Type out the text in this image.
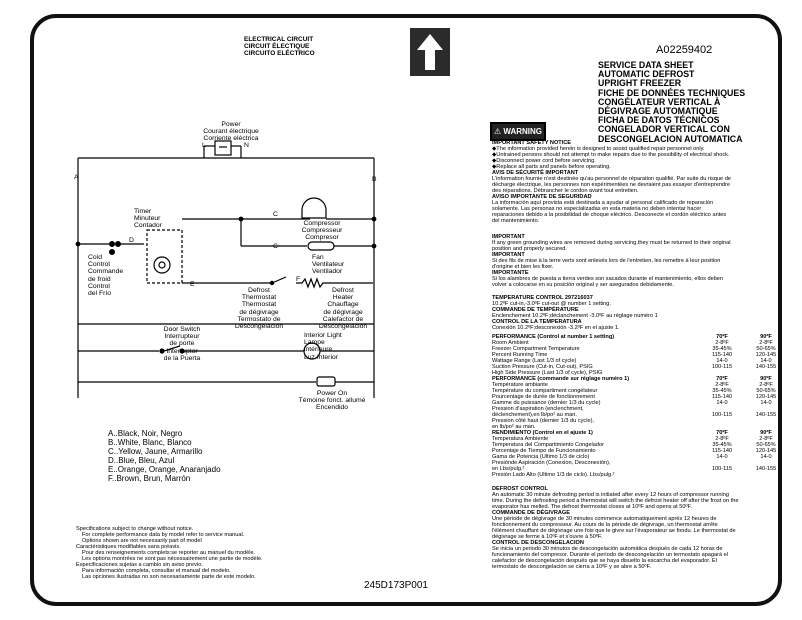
ELECTRICAL CIRCUIT
CIRCUIT ÉLECTIQUE
CIRCUITO ELÉCTRICO	A02259402
SERVICE DATA SHEET
AUTOMATIC DEFROST
UPRIGHT FREEZER
FICHE DE DONNÉES TECHNIQUES
CONGÉLATEUR VERTICAL À
DÉGIVRAGE AUTOMATIQUE
FICHA DE DATOS TÉCNICOS
CONGELADOR VERTICAL CON
DESCONGELACION AUTOMATICA
⚠ WARNING
IMPORTANT SAFETY NOTICE
◆The information provided herein is designed to assist qualified repair personnel only.
◆Untrained persons should not attempt to make repairs due to the possibility of electrical shock.
◆Disconnect power cord before servicing.
◆Replace all parts and panels before operating.
AVIS DE SÉCURITÉ IMPORTANT
L'information fournie n'est destinée qu'au personnel de réparation qualifié. Par suite du risque de décharge électrique, les personnes non expérimentées ne devraient pas essayer d'entreprendre des réparations. Débrancher le cordon avant tout entretien.
AVISO IMPORTANTE DE SEGURIDAD
La información aquí provista está destinada a ayudar al personal calificado de reparación solamente. Las personas no especializadas en esta materia no deben intentar hacer reparaciones debido a la posibilidad de choque eléctrico. Desconecte el cordón eléctrico antes del mantenimiento.
IMPORTANT
If any green grounding wires are removed during servicing,they must be returned to their original position and properly secured.
IMPORTANT
Si des fils de mise à la terre verts sont enlevés lors de l'entretien, les remettre à leur position d'origine et bien les fixer.
IMPORTANTE
Si los alambres de puesta a tierra verdes son sacados durante el mantenimiento, ellos deben volver a colocarse en su posición original y ser asegurados debidamente.
TEMPERATURE CONTROL 297216037
10.2ºF cut-in,-3.0ºF cut-out @ number 1 setting.
COMMANDE DE TEMPÉRATURE
Enclenchement 10.2ºF;déclanchement -3.0ºF au réglage numéro 1
CONTROL DE LA TEMPERATURA
Conexión 10.2ºF;desconexión -3.2ºF en el ajuste 1.
PERFORMANCE (Control at number 1 setting)	70ºF	90ºF
Room Ambient	2-8ºF	2-8ºF
Freezer Compartment Temperature	35-45%	50-65%
Percent Running Time	115-140	120-145
Wattage Range (Last 1/3 of cycle)	14-0	14-0
Suction Pressure (Cut-in, Cut-out), PSIG	100-115	140-155
High Side Pressure (Last 1/3 of cycle), PSIG
PERFORMANCE (commande sur réglage numéro 1)	70ºF	90ºF
Température ambiante	2-8ºF	2-8ºF
Température du compartiment congélateur	35-45%	50-65%
Pourcentage de durée de fonctionnement	115-140	120-145
Gamme du puissance (dernier 1/3 du cycle)	14-0	14-0
Pression d'aspiration (enclenchment,
déclenchement),en lb/po² au man.	100-115	140-155
Pression côté haut (dernier 1/3 du cycle),
en lb/po² au man.
RENDIMIENTO (Control en el ajuste 1)	70ºF	90ºF
Temperatura Ambiente	2-8ºF	2-8ºF
Temperatura del Compartimiento Congelador	35-45%	50-65%
Porcentaje de Tiempo de Funcionamiento	115-140	120-145
Gama de Potencia (Ultimo 1/3 de ciclo)	14-0	14-0
Presiónde Aspiración (Conexion, Desconexión),
en Lbs/pulg.²	100-115	140-155
Presión Lado Alto (Ultimo 1/3 de ciclo). Lbs/pulg.²
DEFROST CONTROL
An automatic 30 minute defrosting period is initiated after every 12 hours of compressor running time. During the defrosting period a thermostat will switch the defrost heater off after the frost on the evaporator has melted. The defrost thermostat closes at 10ºF and opens at 50ºF.
COMMANDE DE DÉGIVRAGE
Une période de dégivrage de 30 minutes commence automatiquement après 12 heures de fonctionnement du compresseur. Au cours de la période de dégivrage, un thermostat arrête l'élément chauffant de dégivrage une fois que le givre sur l'évaporateur ae fondu. Le thermostat de dégivrage se ferme à 10ºF et s'ouvre à 50ºF.
CONTROL DE DESCONGELACION
Se inicia un periodo 30 minutos de descongelación automática después de cada 12 horas de funcionamiento del compresor. Durante el período de descongelación un termostato apagará el calefactor de descongelación después que se haya disuelto la escarcha del evaporador. El termostato de descongelación se cierra a 10ºF y se abre a 50ºF.
Power
Courant électrique
Corriente eléctrica
L	N
A	B
C
C
D
E
F
Timer
Minuteur
Contador
Cold
Control
Commande
de froid
Control
del Frío
Compressor
Compresseur
Compresor
Fan
Ventilateur
Ventilador
Defrost
Thermostat
Thermostat
de dégivrage
Termostato de
Descongelación
Defrost
Heater
Chauffage
de dégivrage
Calefactor de
Descongelación
Door Switch
Interrupteur
de porte
Interruptor
de la Puerta
Interior Light
Lampe
intérieure
Luz Interior
Power On
Témoine fonct. allumé
Encendido
A..Black, Noir, Negro
B..White, Blanc, Blanco
C..Yellow, Jaune, Armarillo
D..Blue, Bleu, Azul
E..Orange, Orange, Anaranjado
F..Brown, Brun, Marrón
Specifications subject to change without notice.
For complete performance data by model refer to service manual.
Options shown are not necessarily part of model
Caractéristiques modifiables sans préavis.
Pour des renseignements complets:se reporter au manuel du modèle.
Les options montrées ne sont pas nécessairement une partie de modèle.
Especificaciones sujetas a cambio sin aviso previo.
Para información completa, consultar el manual del modelo.
Las opciones ilustradas no son necesariamente parte de este modelo.
245D173P001
